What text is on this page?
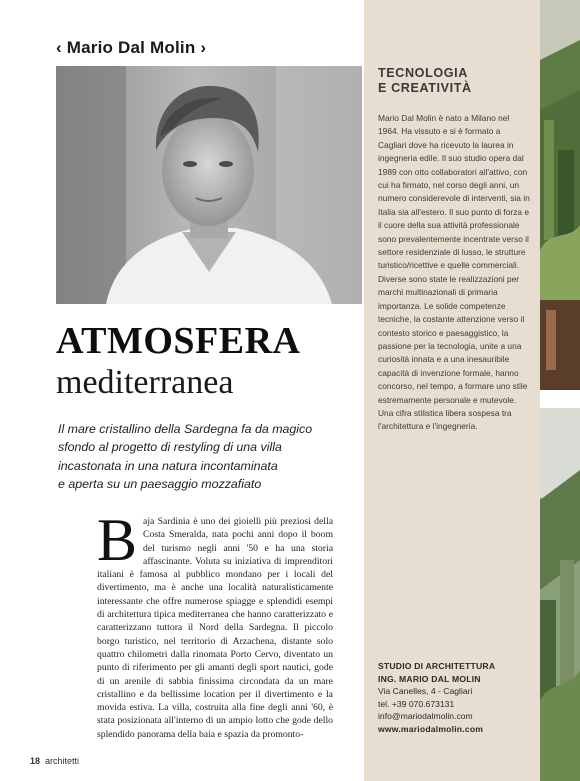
‹ Mario Dal Molin ›
ATMOSFERA
mediterranea

Il mare cristallino della Sardegna fa da magico
sfondo al progetto di restyling di una villa
incastonata in una natura incontaminata
e aperta su un paesaggio mozzafiato

Baja Sardinia è uno dei gioielli più preziosi della Costa Smeralda, nata pochi anni dopo il boom del turismo negli anni '50 e ha una storia affascinante. Voluta su iniziativa di imprenditori italiani è famosa al pubblico mondano per i locali del divertimento, ma è anche una località naturalisticamente interessante che offre numerose spiagge e splendidi esempi di architettura tipica mediterranea che hanno caratterizzato e caratterizzano tuttora il Nord della Sardegna. Il piccolo borgo turistico, nel territorio di Arzachena, distante solo quattro chilometri dalla rinomata Porto Cervo, diventato un punto di riferimento per gli amanti degli sport nautici, gode di un arenile di sabbia finissima circondata da un mare cristallino e da bellissime location per il divertimento e la movida estiva. La villa, costruita alla fine degli anni '60, è stata posizionata all'interno di un ampio lotto che gode dello splendido panorama della baia e spazia da promonto-

18 architetti
TECNOLOGIA
E CREATIVITÀ

Mario Dal Molin è nato a Milano nel 1964. Ha vissuto e si è formato a Cagliari dove ha ricevuto la laurea in ingegneria edile. Il suo studio opera dal 1989 con otto collaboratori all'attivo, con cui ha firmato, nel corso degli anni, un numero considerevole di interventi, sia in Italia sia all'estero. Il suo punto di forza e il cuore della sua attività professionale sono prevalentemente incentrate verso il settore residenziale di lusso, le strutture turistico/ricettive e quelle commerciali. Diverse sono state le realizzazioni per marchi multinazionali di primaria importanza. Le solide competenze tecniche, la costante attenzione verso il contesto storico e paesaggistico, la passione per la tecnologia, unite a una curiosità innata e a una inesauribile capacità di invenzione formale, hanno concorso, nel tempo, a formare uno stile estremamente personale e mutevole. Una cifra stilistica libera sospesa tra l'architettura e l'ingegneria.

STUDIO DI ARCHITETTURA
ING. MARIO DAL MOLIN
Via Canelles, 4 - Cagliari
tel. +39 070.673131
info@mariodalmolin.com
www.mariodalmolin.com
